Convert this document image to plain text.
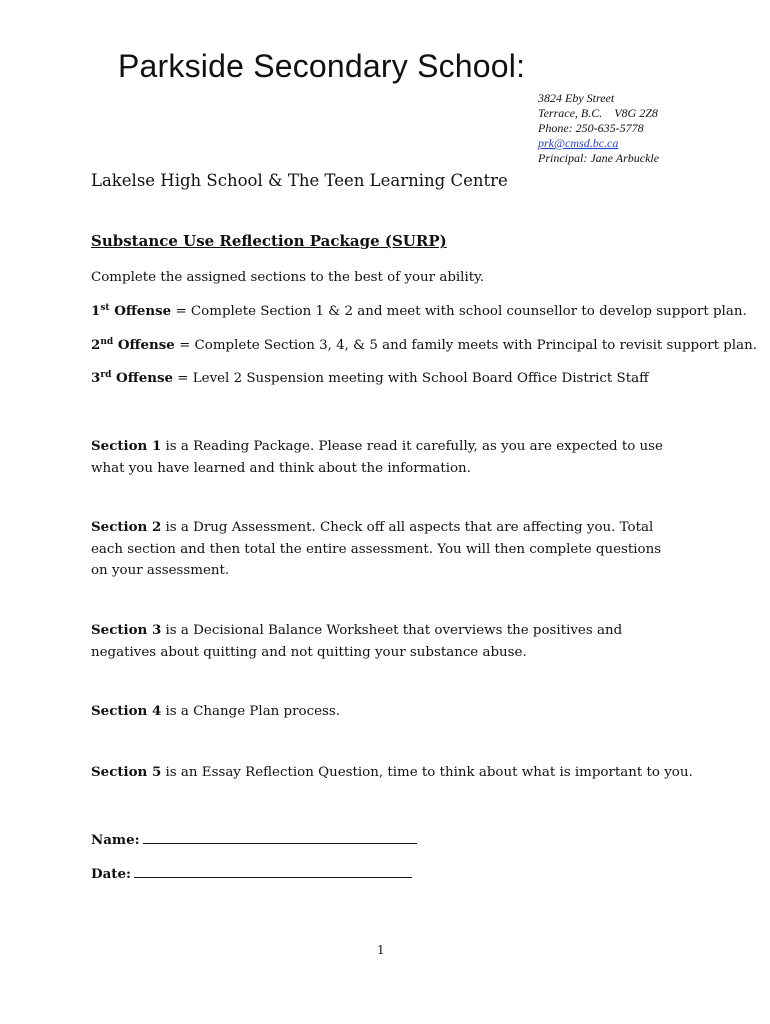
Parkside Secondary School:
3824 Eby Street
Terrace, B.C.    V8G 2Z8
Phone: 250-635-5778
prk@cmsd.bc.ca
Principal: Jane Arbuckle
Lakelse High School & The Teen Learning Centre
Substance Use Reflection Package (SURP)
Complete the assigned sections to the best of your ability.
1st Offense = Complete Section 1 & 2 and meet with school counsellor to develop support plan.
2nd Offense = Complete Section 3, 4, & 5 and family meets with Principal to revisit support plan.
3rd Offense = Level 2 Suspension meeting with School Board Office District Staff
Section 1 is a Reading Package. Please read it carefully, as you are expected to use what you have learned and think about the information.
Section 2 is a Drug Assessment. Check off all aspects that are affecting you. Total each section and then total the entire assessment. You will then complete questions on your assessment.
Section 3 is a Decisional Balance Worksheet that overviews the positives and negatives about quitting and not quitting your substance abuse.
Section 4 is a Change Plan process.
Section 5 is an Essay Reflection Question, time to think about what is important to you.
Name:
Date:
1
